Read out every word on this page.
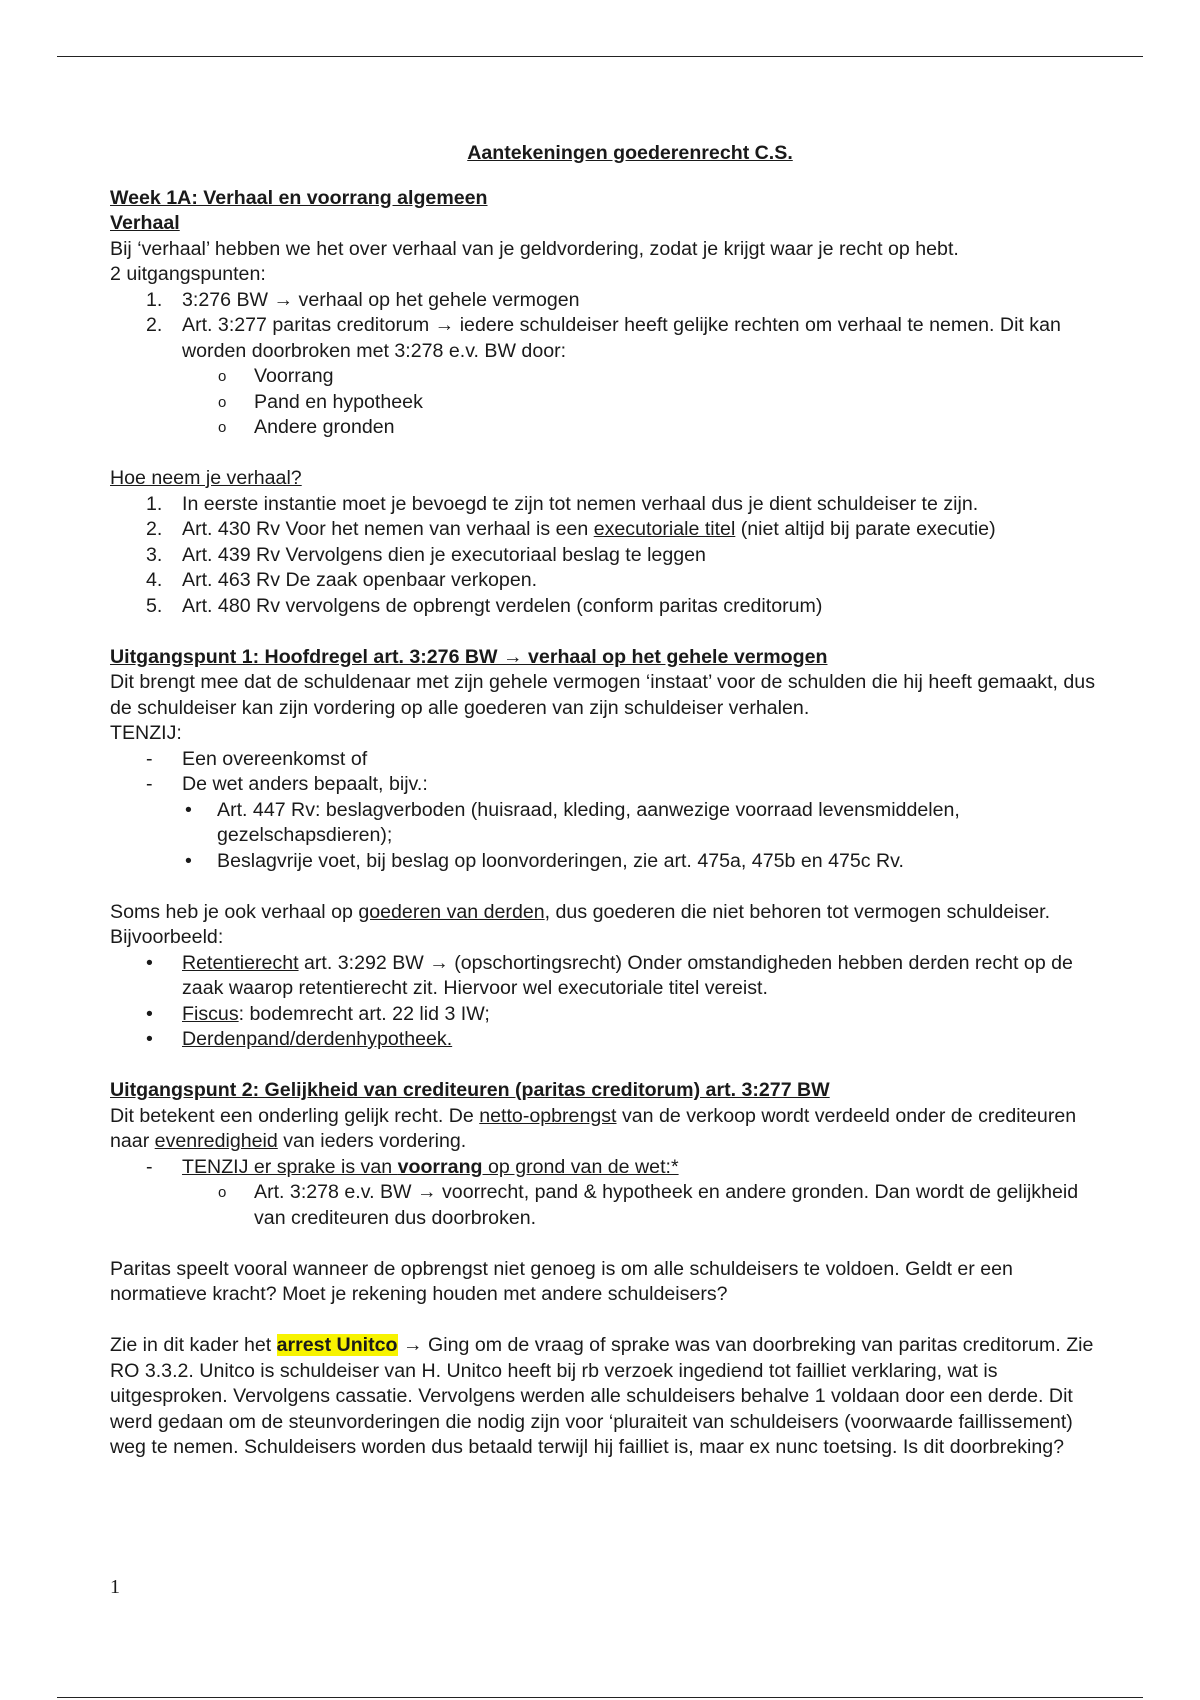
Aantekeningen goederenrecht C.S.
Week 1A: Verhaal en voorrang algemeen
Verhaal

Bij ‘verhaal’ hebben we het over verhaal van je geldvordering, zodat je krijgt waar je recht op hebt.

2 uitgangspunten:

1. 3:276 BW → verhaal op het gehele vermogen
2. Art. 3:277 paritas creditorum → iedere schuldeiser heeft gelijke rechten om verhaal te nemen. Dit kan worden doorbroken met 3:278 e.v. BW door:
o Voorrang
o Pand en hypotheek
o Andere gronden
Hoe neem je verhaal?
1. In eerste instantie moet je bevoegd te zijn tot nemen verhaal dus je dient schuldeiser te zijn.
2. Art. 430 Rv Voor het nemen van verhaal is een executoriale titel (niet altijd bij parate executie)
3. Art. 439 Rv Vervolgens dien je executoriaal beslag te leggen
4. Art. 463 Rv De zaak openbaar verkopen.
5. Art. 480 Rv vervolgens de opbrengt verdelen (conform paritas creditorum)
Uitgangspunt 1: Hoofdregel art. 3:276 BW → verhaal op het gehele vermogen

Dit brengt mee dat de schuldenaar met zijn gehele vermogen ‘instaat’ voor de schulden die hij heeft gemaakt, dus de schuldeiser kan zijn vordering op alle goederen van zijn schuldeiser verhalen.

TENZIJ:

- Een overeenkomst of
- De wet anders bepaalt, bijv.:
• Art. 447 Rv: beslagverboden (huisraad, kleding, aanwezige voorraad levensmiddelen, gezelschapsdieren);
• Beslagvrije voet, bij beslag op loonvorderingen, zie art. 475a, 475b en 475c Rv.

Soms heb je ook verhaal op goederen van derden, dus goederen die niet behoren tot vermogen schuldeiser. Bijvoorbeeld:

• Retentierecht art. 3:292 BW → (opschortingsrecht) Onder omstandigheden hebben derden recht op de zaak waarop retentierecht zit. Hiervoor wel executoriale titel vereist.
• Fiscus: bodemrecht art. 22 lid 3 IW;
• Derdenpand/derdenhypotheek.
Uitgangspunt 2: Gelijkheid van crediteuren (paritas creditorum) art. 3:277 BW

Dit betekent een onderling gelijk recht. De netto-opbrengst van de verkoop wordt verdeeld onder de crediteuren naar evenredigheid van ieders vordering.

- TENZIJ er sprake is van voorrang op grond van de wet:*
o Art. 3:278 e.v. BW → voorrecht, pand & hypotheek en andere gronden. Dan wordt de gelijkheid van crediteuren dus doorbroken.

Paritas speelt vooral wanneer de opbrengst niet genoeg is om alle schuldeisers te voldoen. Geldt er een normatieve kracht? Moet je rekening houden met andere schuldeisers?

Zie in dit kader het arrest Unitco → Ging om de vraag of sprake was van doorbreking van paritas creditorum. Zie RO 3.3.2. Unitco is schuldeiser van H. Unitco heeft bij rb verzoek ingediend tot failliet verklaring, wat is uitgesproken. Vervolgens cassatie. Vervolgens werden alle schuldeisers behalve 1 voldaan door een derde. Dit werd gedaan om de steunvorderingen die nodig zijn voor ‘pluraiteit van schuldeisers (voorwaarde faillissement) weg te nemen. Schuldeisers worden dus betaald terwijl hij failliet is, maar ex nunc toetsing. Is dit doorbreking?

1
